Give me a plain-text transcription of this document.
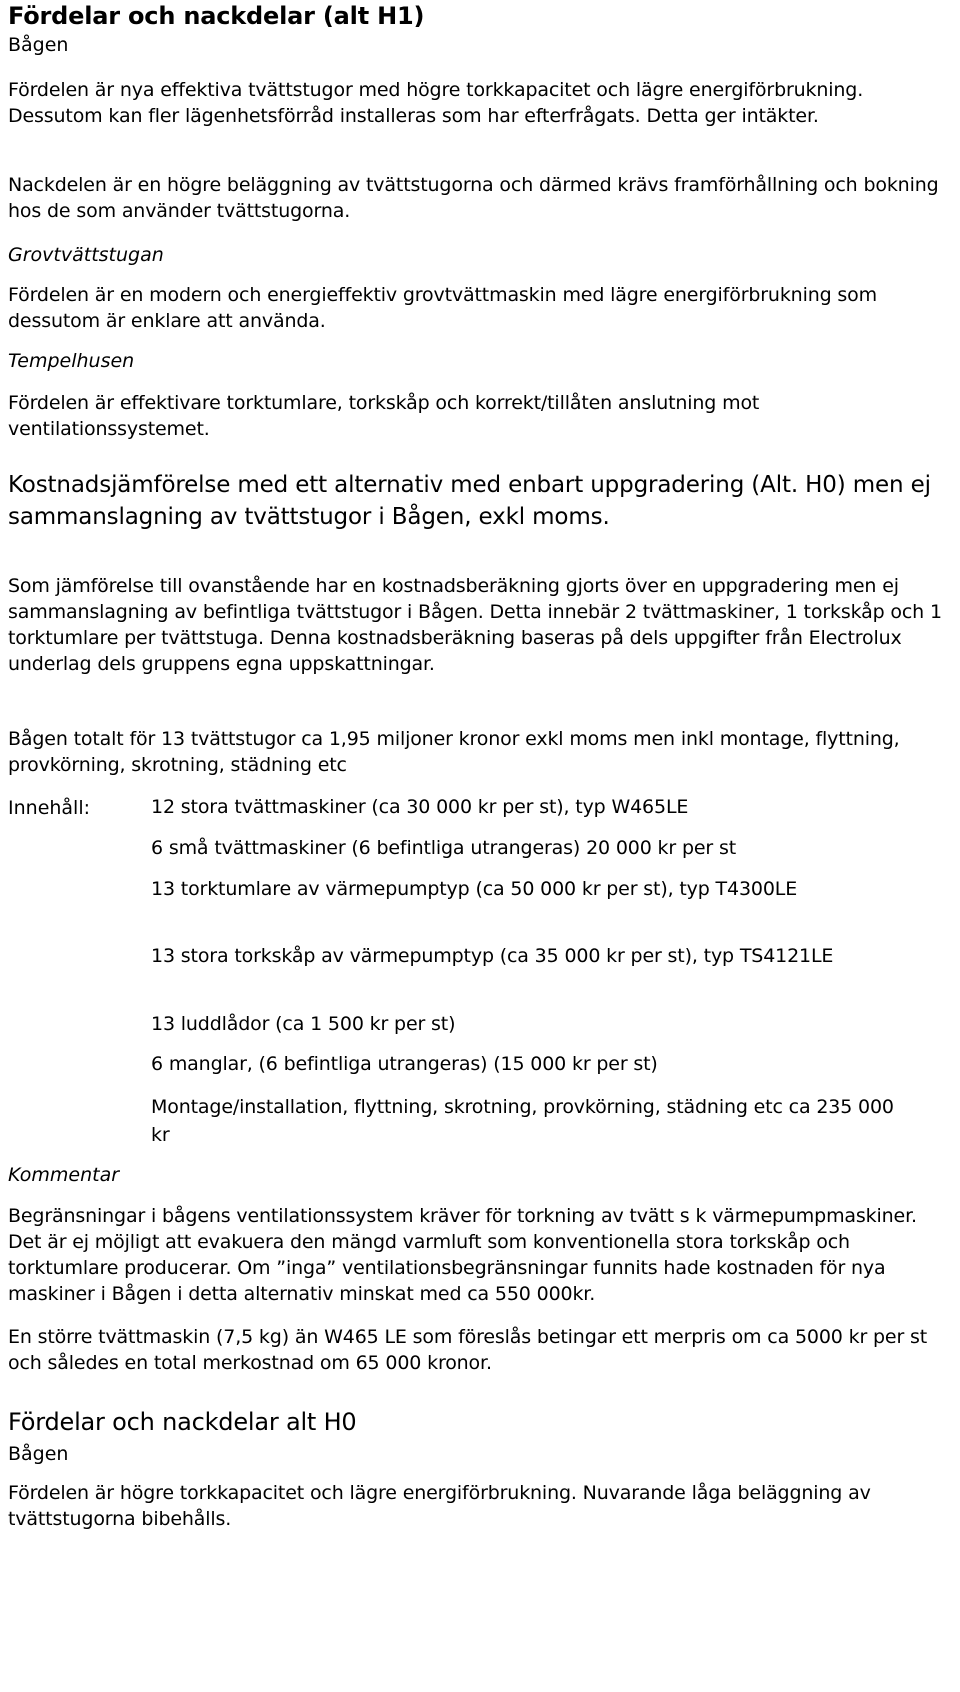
Fördelar och nackdelar (alt H1)

Bågen

Fördelen är nya effektiva tvättstugor med högre torkkapacitet och lägre energiförbrukning. Dessutom kan fler lägenhetsförråd installeras som har efterfrågats. Detta ger intäkter.

Nackdelen är en högre beläggning av tvättstugorna och därmed krävs framförhållning och bokning hos de som använder tvättstugorna.

Grovtvättstugan

Fördelen är en modern och energieffektiv grovtvättmaskin med lägre energiförbrukning som dessutom är enklare att använda.

Tempelhusen

Fördelen är effektivare torktumlare, torkskåp och korrekt/tillåten anslutning mot ventilationssystemet.

Kostnadsjämförelse med ett alternativ med enbart uppgradering (Alt. H0) men ej sammanslagning av tvättstugor i Bågen, exkl moms.

Som jämförelse till ovanstående har en kostnadsberäkning gjorts över en uppgradering men ej sammanslagning av befintliga tvättstugor i Bågen. Detta innebär 2 tvättmaskiner, 1 torkskåp och 1 torktumlare per tvättstuga. Denna kostnadsberäkning baseras på dels uppgifter från Electrolux underlag dels gruppens egna uppskattningar.

Bågen totalt för 13 tvättstugor ca 1,95 miljoner kronor exkl moms men inkl montage, flyttning, provkörning, skrotning, städning etc

Innehåll:	12 stora tvättmaskiner (ca 30 000 kr per st), typ W465LE
6 små tvättmaskiner (6 befintliga utrangeras) 20 000 kr per st
13 torktumlare av värmepumptyp (ca 50 000 kr per st), typ T4300LE
13 stora torkskåp av värmepumptyp (ca 35 000 kr per st), typ TS4121LE
13 luddlådor (ca 1 500 kr per st)
6 manglar, (6 befintliga utrangeras) (15 000 kr per st)
Montage/installation, flyttning, skrotning, provkörning, städning etc ca 235 000 kr

Kommentar

Begränsningar i bågens ventilationssystem kräver för torkning av tvätt s k värmepumpmaskiner. Det är ej möjligt att evakuera den mängd varmluft som konventionella stora torkskåp och torktumlare producerar. Om ”inga” ventilationsbegränsningar funnits hade kostnaden för nya maskiner i Bågen i detta alternativ minskat med ca 550 000kr.

En större tvättmaskin (7,5 kg) än W465 LE som föreslås betingar ett merpris om ca 5000 kr per st och således en total merkostnad om 65 000 kronor.

Fördelar och nackdelar alt H0

Bågen

Fördelen är högre torkkapacitet och lägre energiförbrukning. Nuvarande låga beläggning av tvättstugorna bibehålls.
